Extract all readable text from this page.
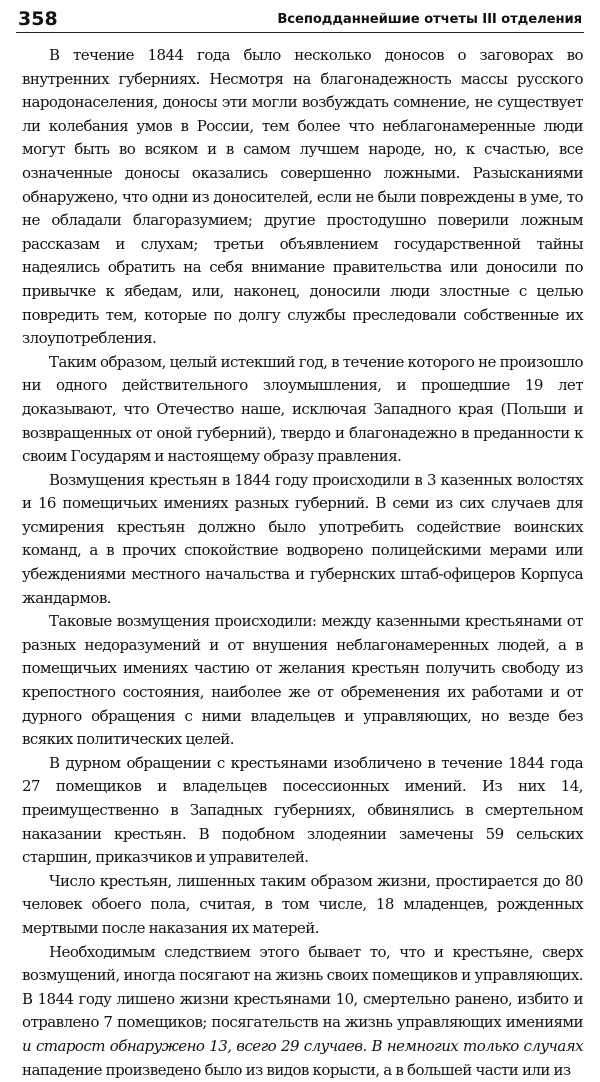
358	Всеподданнейшие отчеты III отделения

В течение 1844 года было несколько доносов о заговорах во внутренних губерниях. Несмотря на благонадежность массы русского народонаселения, доносы эти могли возбуждать сомнение, не существует ли колебания умов в России, тем более что неблагонамеренные люди могут быть во всяком и в самом лучшем народе, но, к счастью, все означенные доносы оказались совершенно ложными. Разысканиями обнаружено, что одни из доносителей, если не были повреждены в уме, то не обладали благоразумием; другие простодушно поверили ложным рассказам и слухам; третьи объявлением государственной тайны надеялись обратить на себя внимание правительства или доносили по привычке к ябедам, или, наконец, доносили люди злостные с целью повредить тем, которые по долгу службы преследовали собственные их злоупотребления.

Таким образом, целый истекший год, в течение которого не произошло ни одного действительного злоумышления, и прошедшие 19 лет доказывают, что Отечество наше, исключая Западного края (Польши и возвращенных от оной губерний), твердо и благонадежно в преданности к своим Государям и настоящему образу правления.

Возмущения крестьян в 1844 году происходили в 3 казенных волостях и 16 помещичьих имениях разных губерний. В семи из сих случаев для усмирения крестьян должно было употребить содействие воинских команд, а в прочих спокойствие водворено полицейскими мерами или убеждениями местного начальства и губернских штаб-офицеров Корпуса жандармов.

Таковые возмущения происходили: между казенными крестьянами от разных недоразумений и от внушения неблагонамеренных людей, а в помещичьих имениях частию от желания крестьян получить свободу из крепостного состояния, наиболее же от обременения их работами и от дурного обращения с ними владельцев и управляющих, но везде без всяких политических целей.

В дурном обращении с крестьянами изобличено в течение 1844 года 27 помещиков и владельцев посессионных имений. Из них 14, преимущественно в Западных губерниях, обвинялись в смертельном наказании крестьян. В подобном злодеянии замечены 59 сельских старшин, приказчиков и управителей.

Число крестьян, лишенных таким образом жизни, простирается до 80 человек обоего пола, считая, в том числе, 18 младенцев, рожденных мертвыми после наказания их матерей.

Необходимым следствием этого бывает то, что и крестьяне, сверх возмущений, иногда посягают на жизнь своих помещиков и управляющих. В 1844 году лишено жизни крестьянами 10, смертельно ранено, избито и отравлено 7 помещиков; посягательств на жизнь управляющих имениями и старост обнаружено 13, всего 29 случаев. В немногих только случаях нападение произведено было из видов корысти, а в большей части или из
